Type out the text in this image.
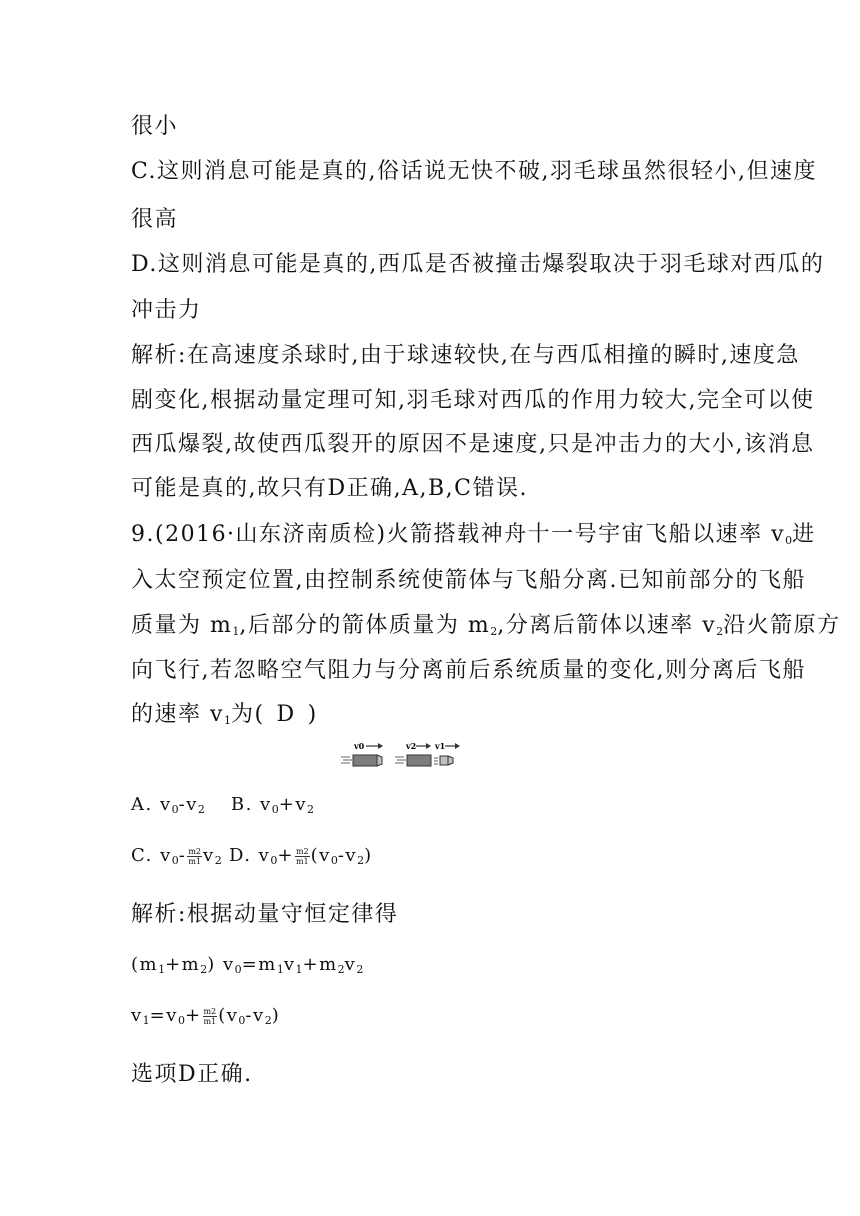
很小
C.这则消息可能是真的,俗话说无快不破,羽毛球虽然很轻小,但速度
很高
D.这则消息可能是真的,西瓜是否被撞击爆裂取决于羽毛球对西瓜的
冲击力
解析:在高速度杀球时,由于球速较快,在与西瓜相撞的瞬时,速度急
剧变化,根据动量定理可知,羽毛球对西瓜的作用力较大,完全可以使
西瓜爆裂,故使西瓜裂开的原因不是速度,只是冲击力的大小,该消息
可能是真的,故只有D正确,A,B,C错误.
9.(2016·山东济南质检)火箭搭载神舟十一号宇宙飞船以速率 $v_0$进
入太空预定位置,由控制系统使箭体与飞船分离.已知前部分的飞船
质量为 $m_1$,后部分的箭体质量为 $m_2$,分离后箭体以速率 $v_2$沿火箭原方
向飞行,若忽略空气阻力与分离前后系统质量的变化,则分离后飞船
的速率 $v_1$为( D )
v0	v2 v1
A. $v_0-v_2$ B. $v_0+v_2$
C. $v_0- \frac{m2}{m1} v_2$ D. $v_0+ \frac{m2}{m1} (v_0-v_2)$
解析:根据动量守恒定律得
$(m_1+m_2)$ $v_0=m_1v_1+m_2v_2$
$v_1=v_0+ \frac{m2}{m1} (v_0-v_2)$
选项D正确.
